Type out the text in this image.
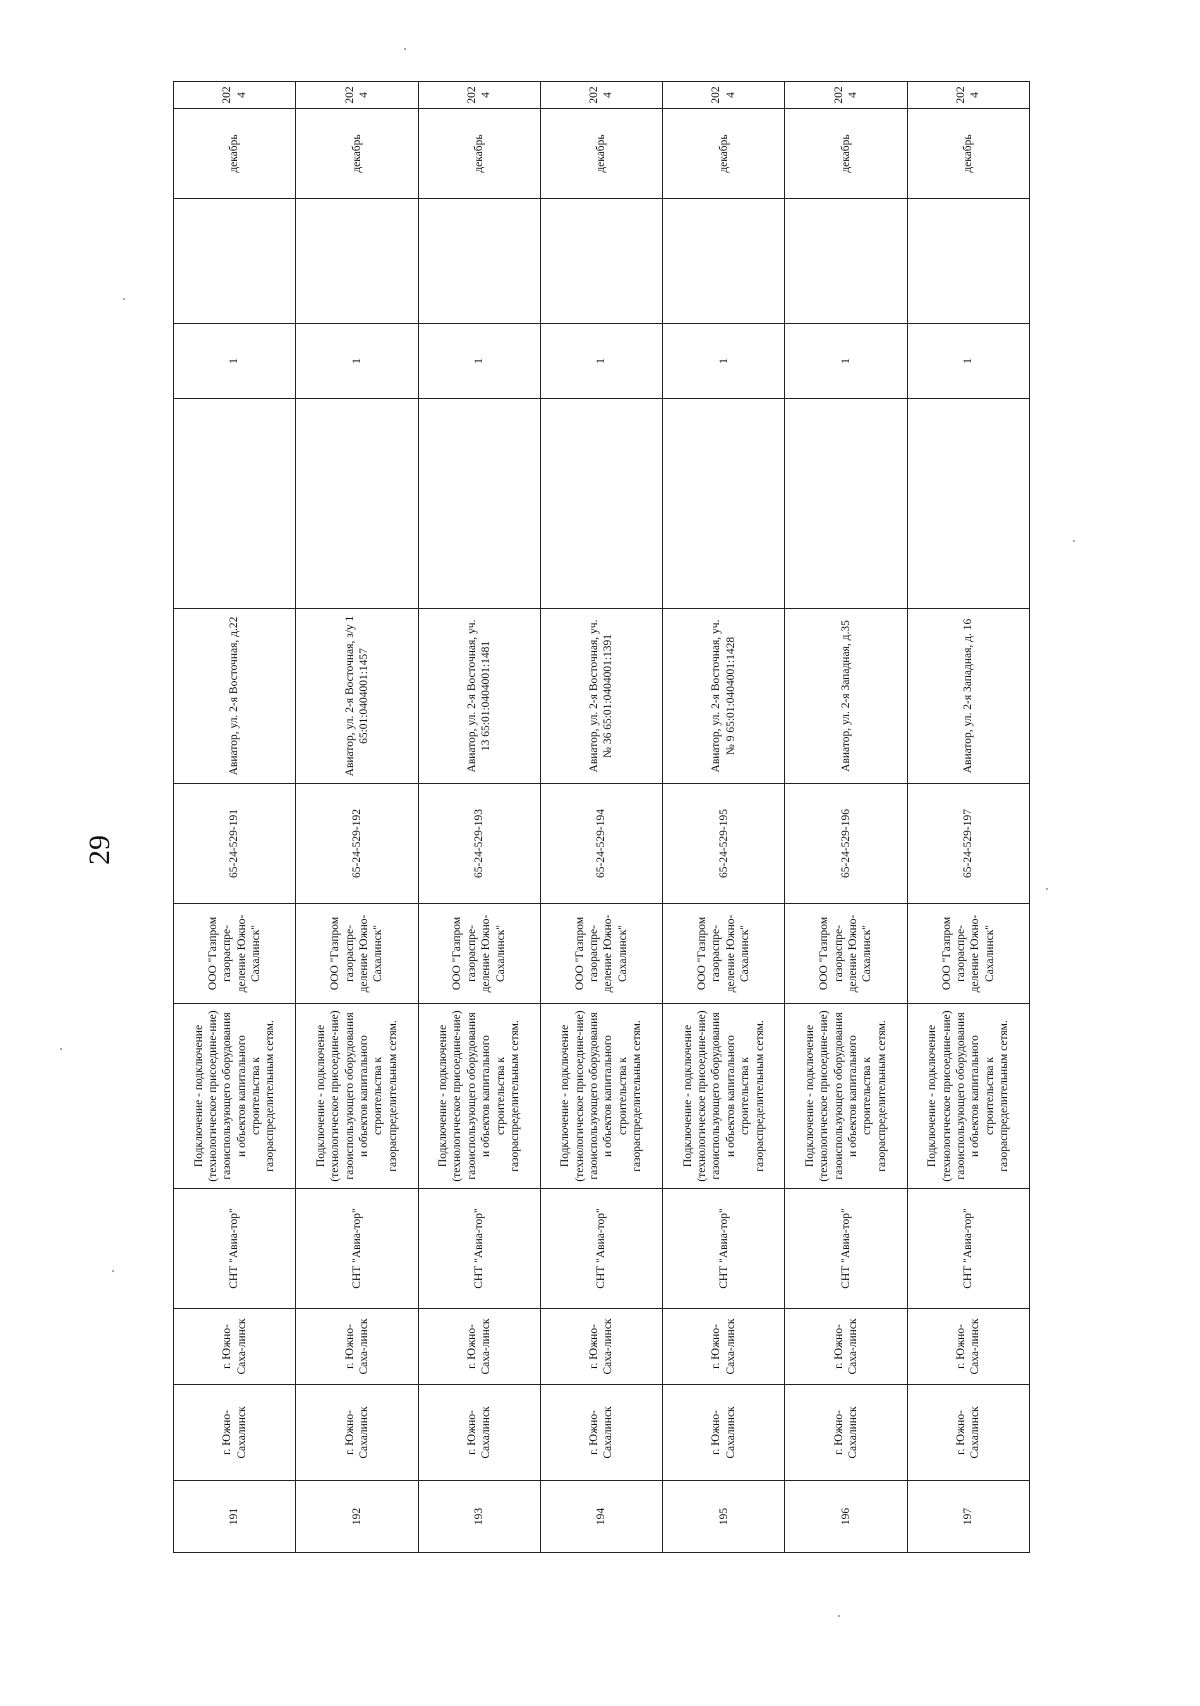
29
191	г. Южно-Сахалинск	г. Южно-Саха-линск	СНТ "Авиа-тор"	Подключение - подключение (технологическое присоедине-ние) газоиспользующего оборудования и объектов капитального строительства к газораспределительным сетям.	ООО "Газпром газораспре-деление Южно-Сахалинск"	65-24-529-191	Авиатор, ул. 2-я Восточная, д.22		1		декабрь	2024
192	г. Южно-Сахалинск	г. Южно-Саха-линск	СНТ "Авиа-тор"	Подключение - подключение (технологическое присоедине-ние) газоиспользующего оборудования и объектов капитального строительства к газораспределительным сетям.	ООО "Газпром газораспре-деление Южно-Сахалинск"	65-24-529-192	Авиатор, ул. 2-я Восточная, з/у 1 65:01:0404001:1457		1		декабрь	2024
193	г. Южно-Сахалинск	г. Южно-Саха-линск	СНТ "Авиа-тор"	Подключение - подключение (технологическое присоедине-ние) газоиспользующего оборудования и объектов капитального строительства к газораспределительным сетям.	ООО "Газпром газораспре-деление Южно-Сахалинск"	65-24-529-193	Авиатор, ул. 2-я Восточная, уч. 13 65:01:0404001:1481		1		декабрь	2024
194	г. Южно-Сахалинск	г. Южно-Саха-линск	СНТ "Авиа-тор"	Подключение - подключение (технологическое присоедине-ние) газоиспользующего оборудования и объектов капитального строительства к газораспределительным сетям.	ООО "Газпром газораспре-деление Южно-Сахалинск"	65-24-529-194	Авиатор, ул. 2-я Восточная, уч. № 36 65:01:0404001:1391		1		декабрь	2024
195	г. Южно-Сахалинск	г. Южно-Саха-линск	СНТ "Авиа-тор"	Подключение - подключение (технологическое присоедине-ние) газоиспользующего оборудования и объектов капитального строительства к газораспределительным сетям.	ООО "Газпром газораспре-деление Южно-Сахалинск"	65-24-529-195	Авиатор, ул. 2-я Восточная, уч. № 9 65:01:0404001:1428		1		декабрь	2024
196	г. Южно-Сахалинск	г. Южно-Саха-линск	СНТ "Авиа-тор"	Подключение - подключение (технологическое присоедине-ние) газоиспользующего оборудования и объектов капитального строительства к газораспределительным сетям.	ООО "Газпром газораспре-деление Южно-Сахалинск"	65-24-529-196	Авиатор, ул. 2-я Западная, д.35		1		декабрь	2024
197	г. Южно-Сахалинск	г. Южно-Саха-линск	СНТ "Авиа-тор"	Подключение - подключение (технологическое присоедине-ние) газоиспользующего оборудования и объектов капитального строительства к газораспределительным сетям.	ООО "Газпром газораспре-деление Южно-Сахалинск"	65-24-529-197	Авиатор, ул. 2-я Западная, д. 16		1		декабрь	2024
